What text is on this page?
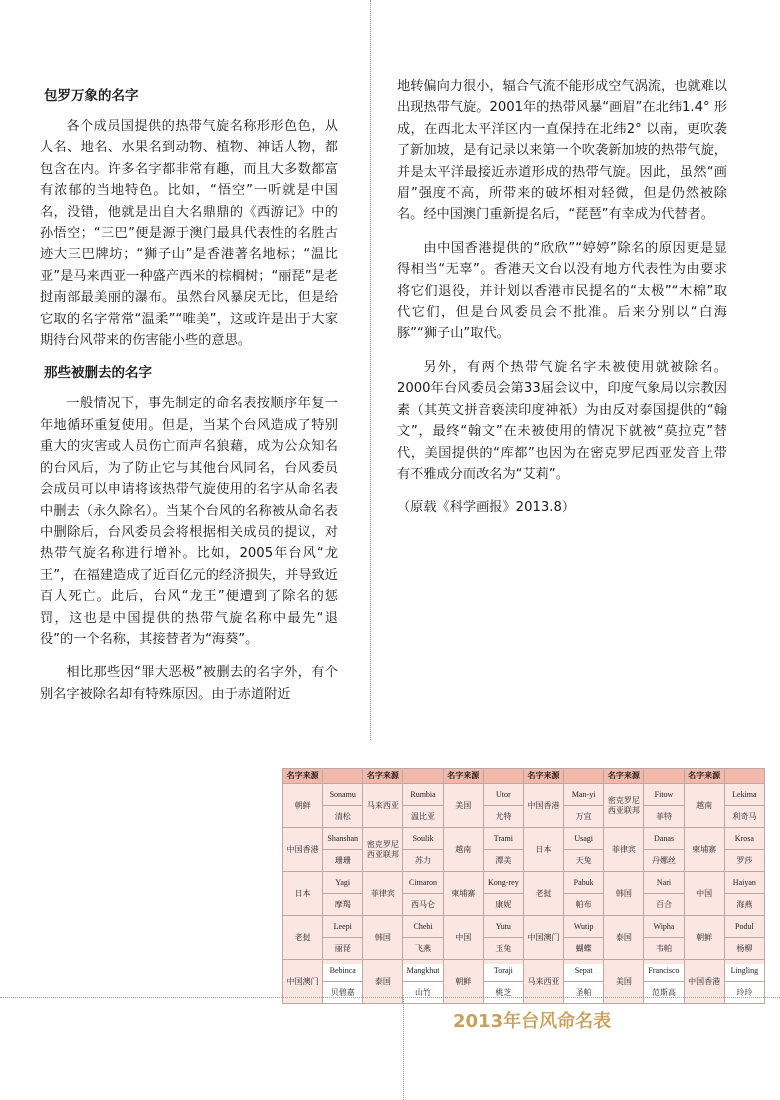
包罗万象的名字

各个成员国提供的热带气旋名称形形色色，从人名、地名、水果名到动物、植物、神话人物，都包含在内。许多名字都非常有趣，而且大多数都富有浓郁的当地特色。比如，“悟空”一听就是中国名，没错，他就是出自大名鼎鼎的《西游记》中的孙悟空；“三巴”便是源于澳门最具代表性的名胜古迹大三巴牌坊；“狮子山”是香港著名地标；“温比亚”是马来西亚一种盛产西米的棕榈树；“丽琵”是老挝南部最美丽的瀑布。虽然台风暴戾无比，但是给它取的名字常常“温柔”“唯美”，这或许是出于大家期待台风带来的伤害能小些的意思。

那些被删去的名字

一般情况下，事先制定的命名表按顺序年复一年地循环重复使用。但是，当某个台风造成了特别重大的灾害或人员伤亡而声名狼藉，成为公众知名的台风后，为了防止它与其他台风同名，台风委员会成员可以申请将该热带气旋使用的名字从命名表中删去（永久除名）。当某个台风的名称被从命名表中删除后，台风委员会将根据相关成员的提议，对热带气旋名称进行增补。比如，2005年台风“龙王”，在福建造成了近百亿元的经济损失，并导致近百人死亡。此后，台风“龙王”便遭到了除名的惩罚，这也是中国提供的热带气旋名称中最先“退役”的一个名称，其接替者为“海葵”。

相比那些因“罪大恶极”被删去的名字外，有个别名字被除名却有特殊原因。由于赤道附近

地转偏向力很小，辐合气流不能形成空气涡流，也就难以出现热带气旋。2001年的热带风暴“画眉”在北纬1.4° 形成，在西北太平洋区内一直保持在北纬2° 以南，更吹袭了新加坡，是有记录以来第一个吹袭新加坡的热带气旋，并是太平洋最接近赤道形成的热带气旋。因此，虽然“画眉”强度不高，所带来的破坏相对轻微，但是仍然被除名。经中国澳门重新提名后，“琵琶”有幸成为代替者。

由中国香港提供的“欣欣”“婷婷”除名的原因更是显得相当“无辜”。香港天文台以没有地方代表性为由要求将它们退役，并计划以香港市民提名的“太极”“木棉”取代它们，但是台风委员会不批准。后来分别以“白海豚”“狮子山”取代。

另外，有两个热带气旋名字未被使用就被除名。2000年台风委员会第33届会议中，印度气象局以宗教因素（其英文拼音亵渎印度神祇）为由反对泰国提供的“翰文”，最终“翰文”在未被使用的情况下就被“莫拉克”替代，美国提供的“库都”也因为在密克罗尼西亚发音上带有不雅成分而改名为“艾莉”。

（原载《科学画报》2013.8）

名字来源		名字来源		名字来源		名字来源		名字来源		名字来源	
朝鲜	Sonamu	马来西亚	Rumbia	美国	Utor	中国香港	Man-yi	密克罗尼西亚联邦	Fitow	越南	Lekima
	清松		温比亚		尤特		万宜		菲特		利奇马
中国香港	Shanshan	密克罗尼西亚联邦	Soulik	越南	Trami	日本	Usagi	菲律宾	Danas	柬埔寨	Krosa
	珊珊		苏力		潭美		天兔		丹娜丝		罗莎
日本	Yagi	菲律宾	Cimaron	柬埔寨	Kong-rey	老挝	Pabuk	韩国	Nari	中国	Haiyan
	摩羯		西马仑		康妮		帕布		百合		海燕
老挝	Leepi	韩国	Chebi	中国	Yutu	中国澳门	Wutip	泰国	Wipha	朝鲜	Podul
	丽琵		飞燕		玉兔		蝴蝶		韦帕		杨柳
中国澳门	Bebinca	泰国	Mangkhut	朝鲜	Toraji	马来西亚	Sepat	美国	Francisco	中国香港	Lingling
	贝碧嘉		山竹		桃芝		圣帕		范斯高		玲玲
2013年台风命名表
